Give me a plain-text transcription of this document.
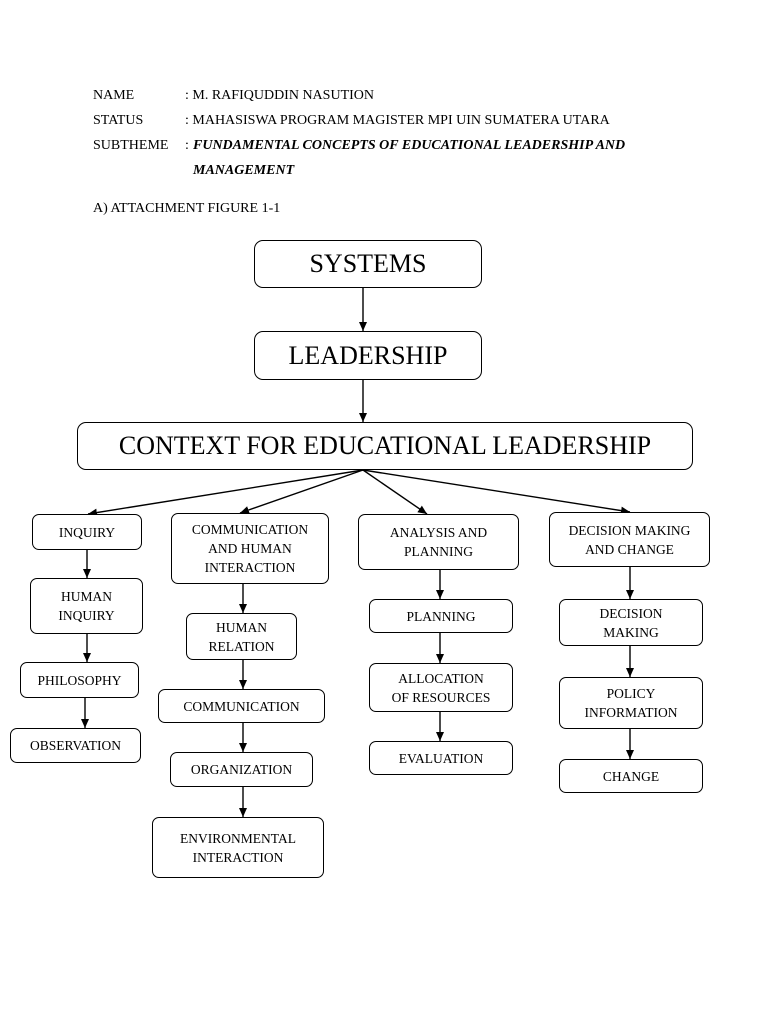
NAME	: M. RAFIQUDDIN NASUTION
STATUS	: MAHASISWA PROGRAM MAGISTER MPI UIN SUMATERA UTARA
SUBTHEME : FUNDAMENTAL CONCEPTS OF EDUCATIONAL LEADERSHIP AND
MANAGEMENT
A) ATTACHMENT FIGURE 1-1
SYSTEMS
LEADERSHIP
CONTEXT FOR EDUCATIONAL LEADERSHIP
INQUIRY
HUMAN
INQUIRY
PHILOSOPHY
OBSERVATION
COMMUNICATION
AND HUMAN
INTERACTION
HUMAN
RELATION
COMMUNICATION
ORGANIZATION
ENVIRONMENTAL
INTERACTION
ANALYSIS AND
PLANNING
PLANNING
ALLOCATION
OF RESOURCES
EVALUATION
DECISION MAKING
AND CHANGE
DECISION
MAKING
POLICY
INFORMATION
CHANGE
